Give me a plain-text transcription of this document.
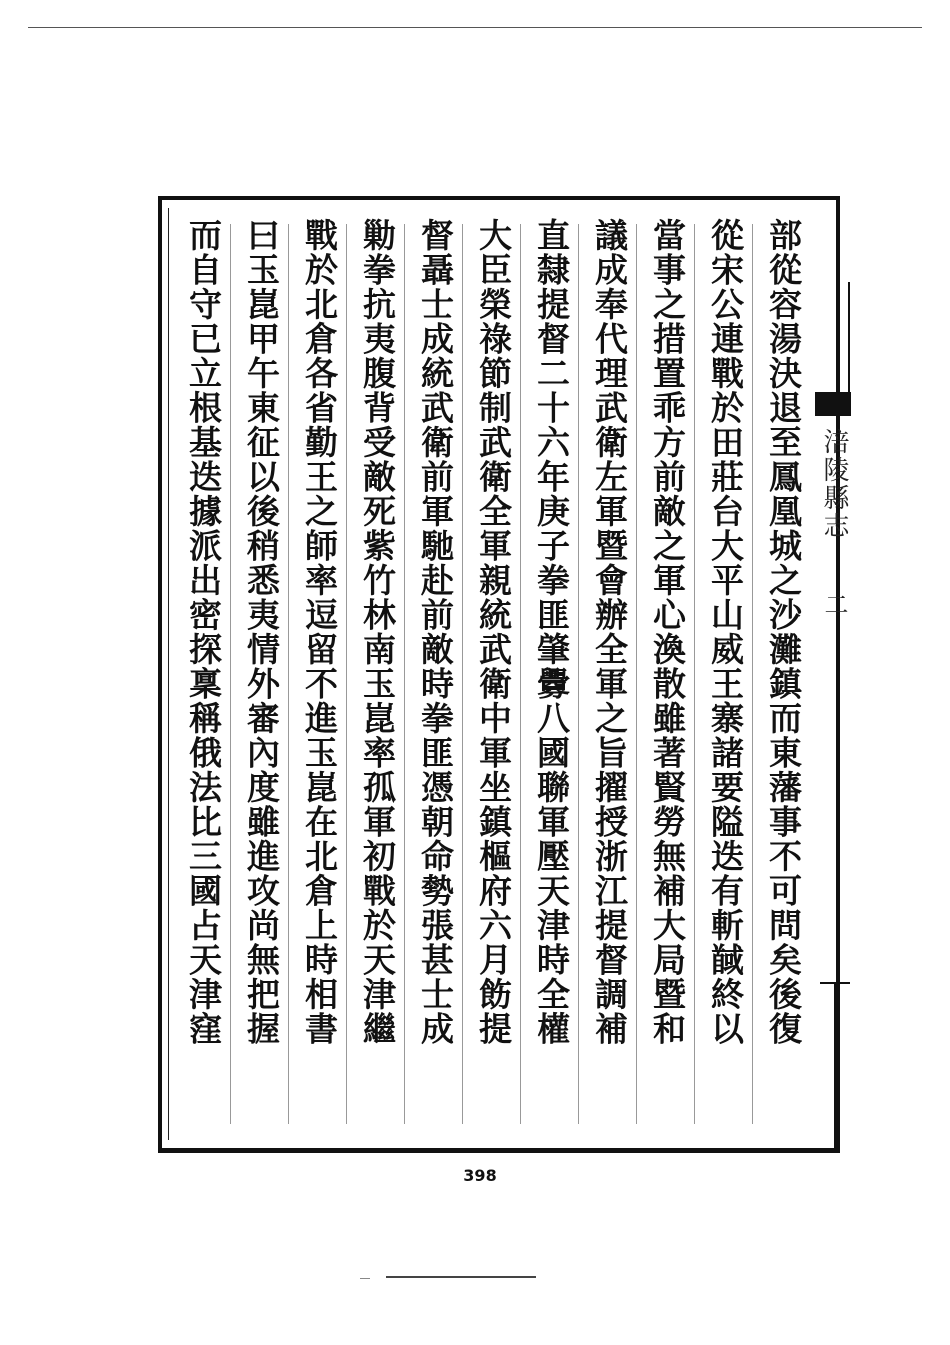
部從容湯決退至鳳凰城之沙灘鎮而東藩事不可問矣後復
從宋公連戰於田莊台大平山威王寨諸要隘迭有斬馘終以
當事之措置乖方前敵之軍心渙散雖著賢勞無補大局暨和
議成奉代理武衛左軍暨會辦全軍之旨擢授浙江提督調補
直隸提督二十六年庚子拳匪肇釁八國聯軍壓天津時全權
大臣榮祿節制武衛全軍親統武衛中軍坐鎮樞府六月飭提
督聶士成統武衛前軍馳赴前敵時拳匪憑朝命勢張甚士成
勦拳抗夷腹背受敵死紫竹林南玉崑率孤軍初戰於天津繼
戰於北倉各省勤王之師率逗留不進玉崑在北倉上時相書
曰玉崑甲午東征以後稍悉夷情外審內度雖進攻尚無把握
而自守已立根基迭據派出密探稟稱俄法比三國占天津窪	涪陵縣志
二
398
